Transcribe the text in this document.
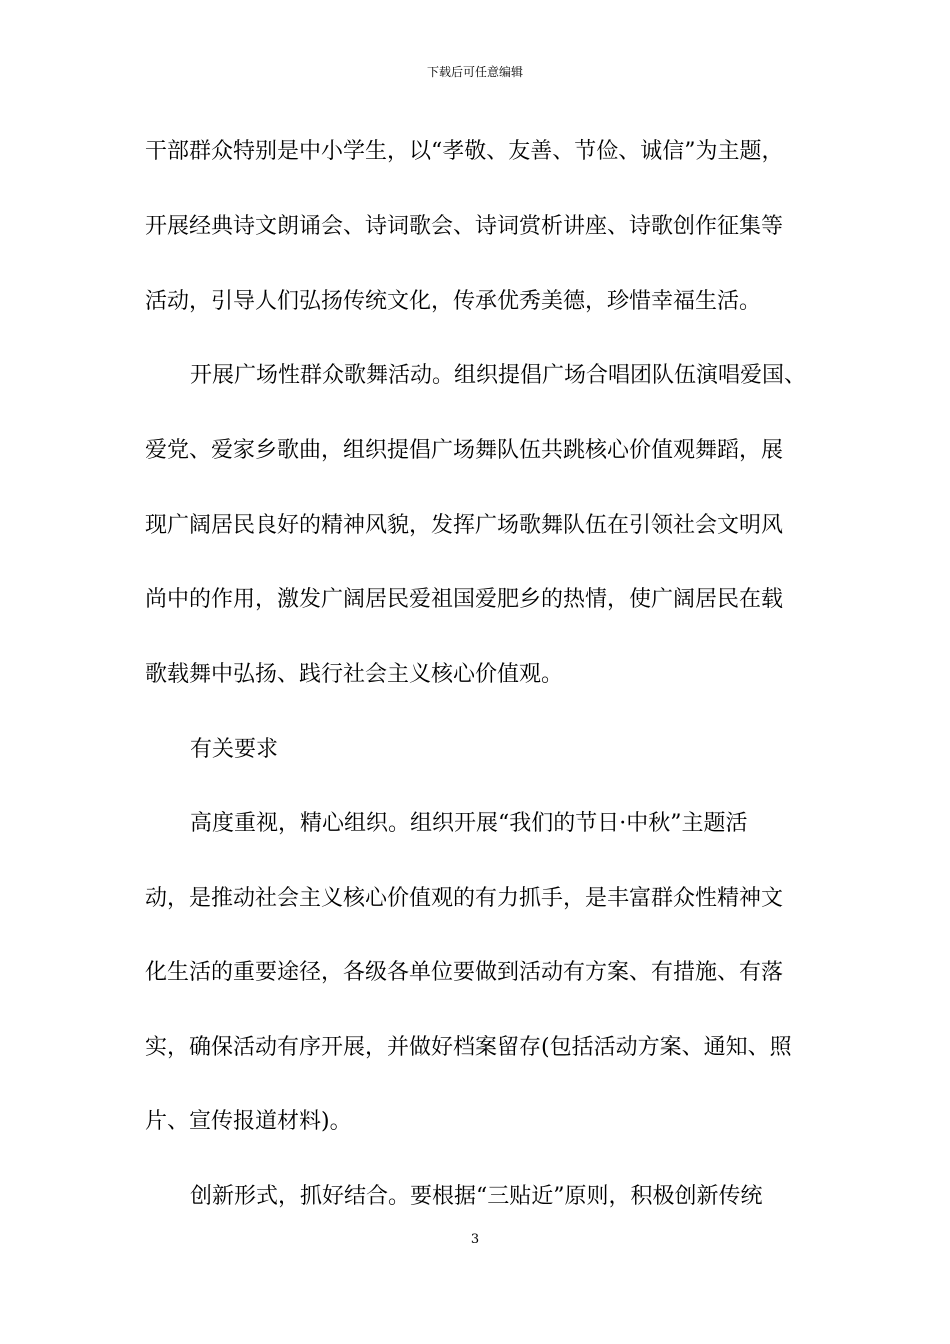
下载后可任意编辑
干部群众特别是中小学生，以“孝敬、友善、节俭、诚信”为主题，
开展经典诗文朗诵会、诗词歌会、诗词赏析讲座、诗歌创作征集等
活动，引导人们弘扬传统文化，传承优秀美德，珍惜幸福生活。
开展广场性群众歌舞活动。组织提倡广场合唱团队伍演唱爱国、
爱党、爱家乡歌曲，组织提倡广场舞队伍共跳核心价值观舞蹈，展
现广阔居民良好的精神风貌，发挥广场歌舞队伍在引领社会文明风
尚中的作用，激发广阔居民爱祖国爱肥乡的热情，使广阔居民在载
歌载舞中弘扬、践行社会主义核心价值观。
有关要求
高度重视，精心组织。组织开展“我们的节日·中秋”主题活
动，是推动社会主义核心价值观的有力抓手，是丰富群众性精神文
化生活的重要途径，各级各单位要做到活动有方案、有措施、有落
实，确保活动有序开展，并做好档案留存(包括活动方案、通知、照
片、宣传报道材料)。
创新形式，抓好结合。要根据“三贴近”原则，积极创新传统
3
